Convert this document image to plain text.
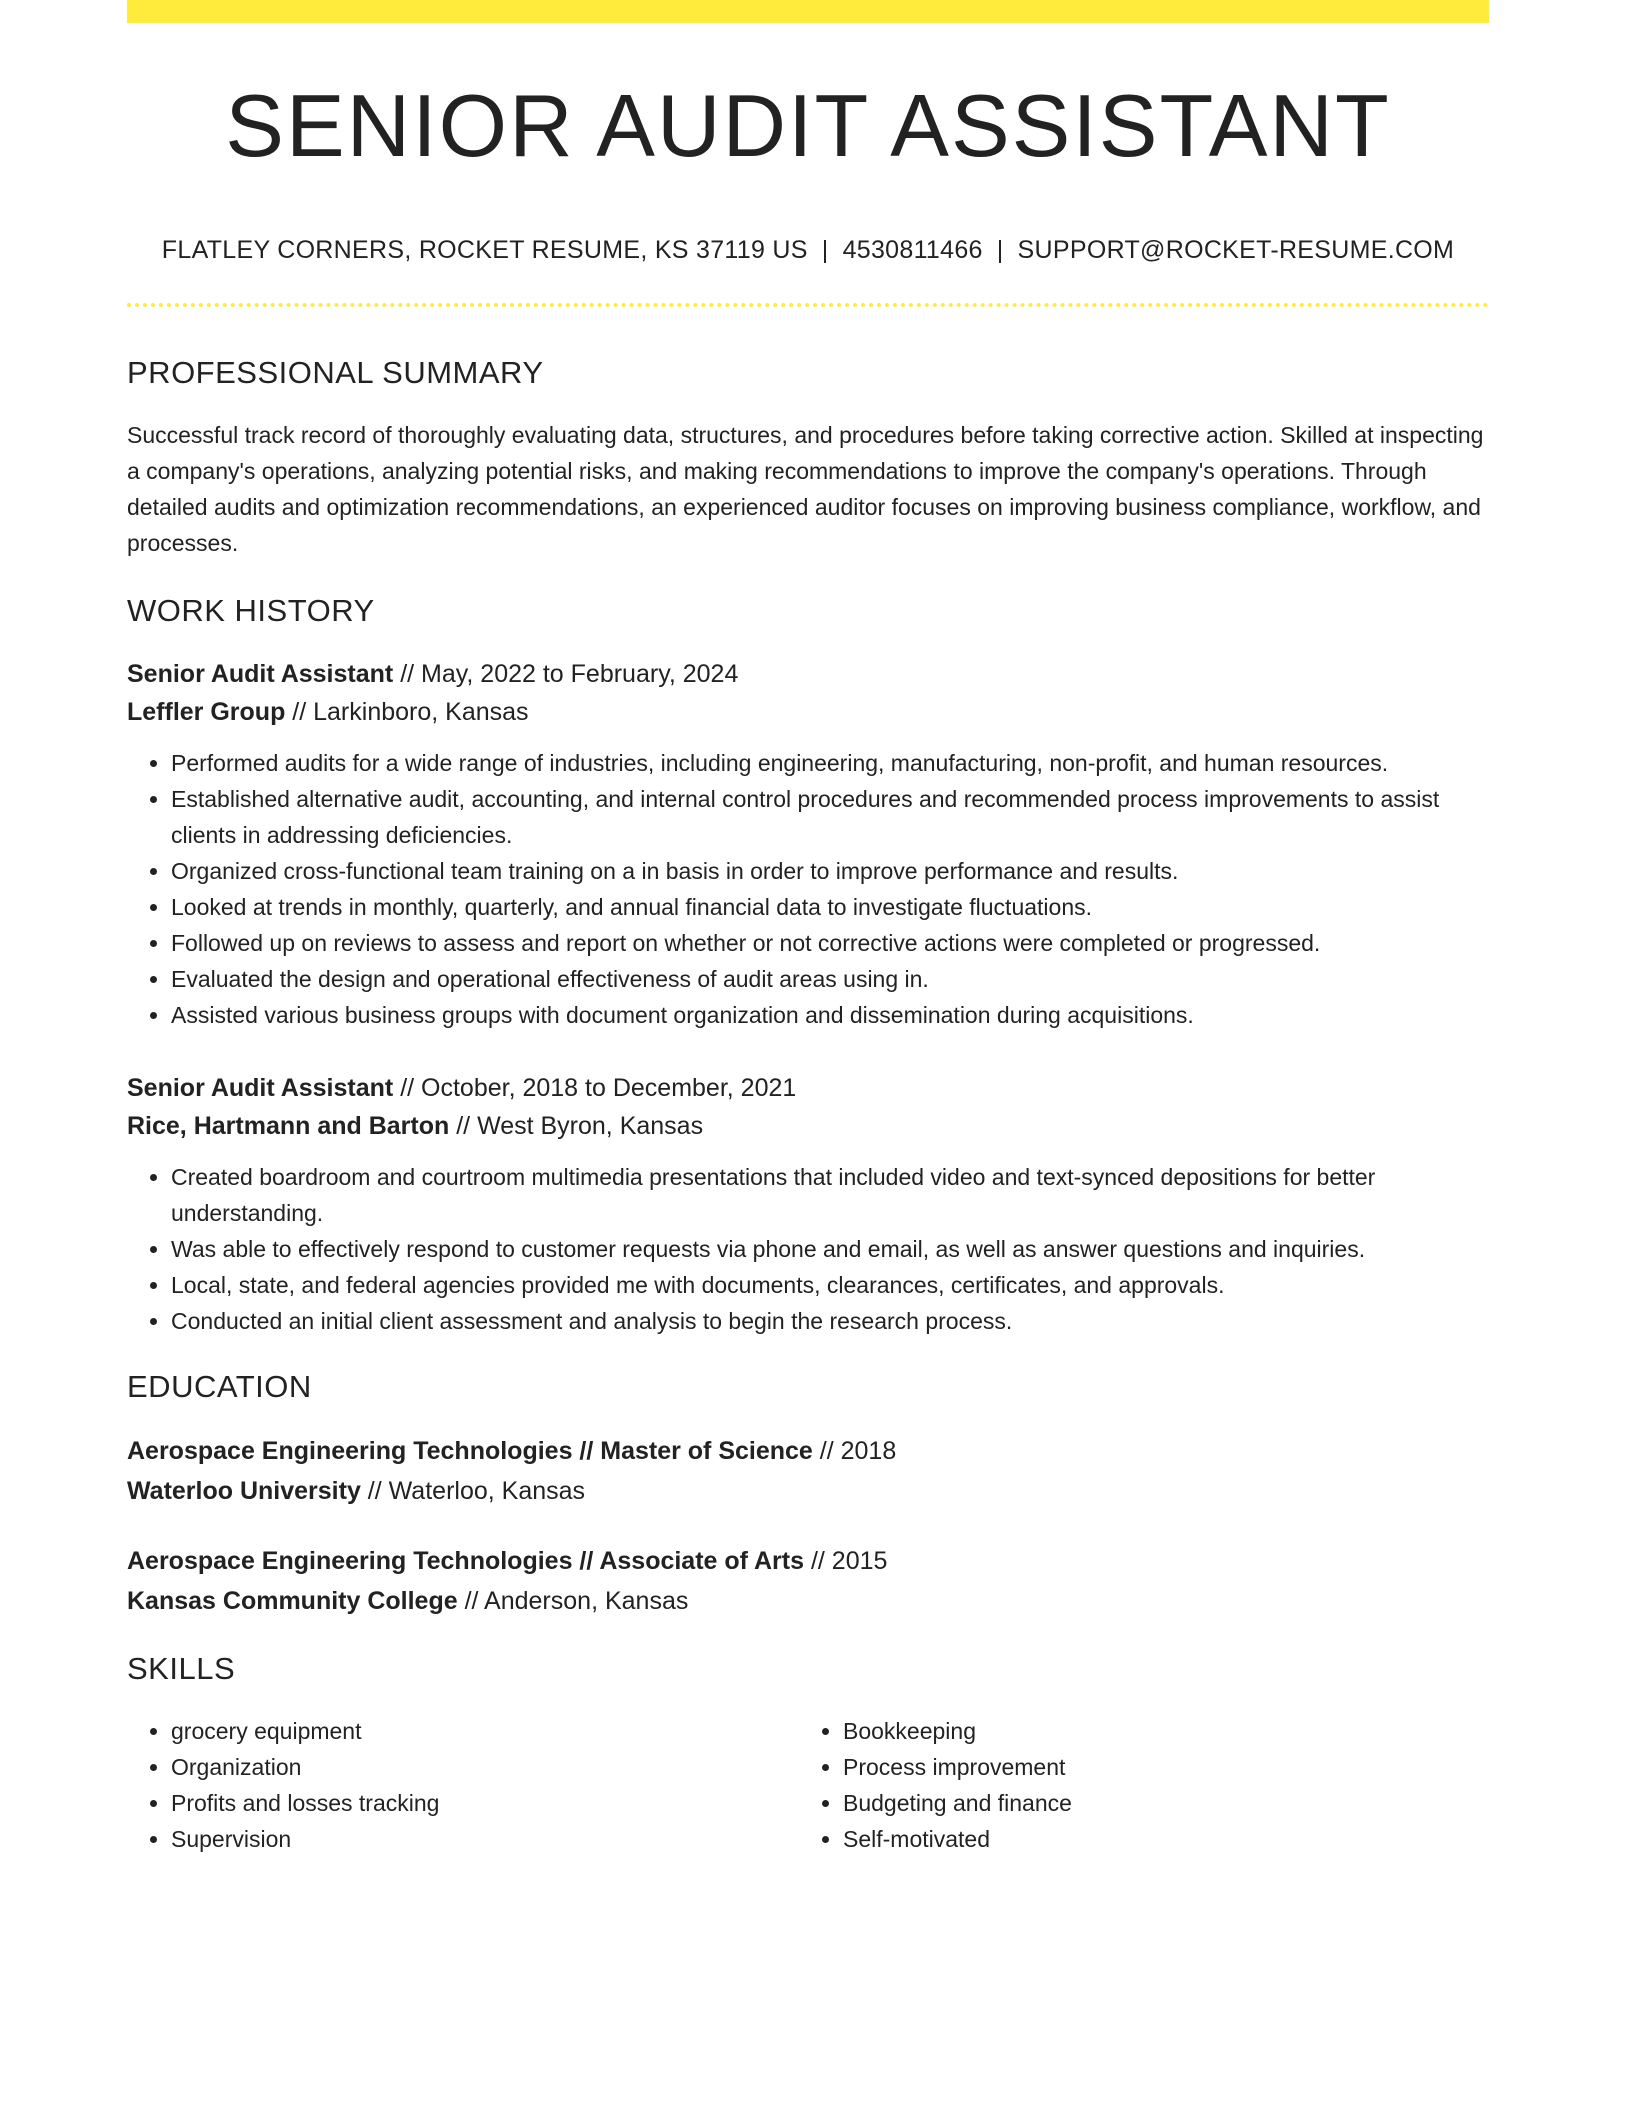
SENIOR AUDIT ASSISTANT
FLATLEY CORNERS, ROCKET RESUME, KS 37119 US | 4530811466 | SUPPORT@ROCKET-RESUME.COM
PROFESSIONAL SUMMARY

Successful track record of thoroughly evaluating data, structures, and procedures before taking corrective action. Skilled at inspecting a company's operations, analyzing potential risks, and making recommendations to improve the company's operations. Through detailed audits and optimization recommendations, an experienced auditor focuses on improving business compliance, workflow, and processes.

WORK HISTORY
Senior Audit Assistant // May, 2022 to February, 2024
Leffler Group // Larkinboro, Kansas
• Performed audits for a wide range of industries, including engineering, manufacturing, non-profit, and human resources.
• Established alternative audit, accounting, and internal control procedures and recommended process improvements to assist clients in addressing deficiencies.
• Organized cross-functional team training on a in basis in order to improve performance and results.
• Looked at trends in monthly, quarterly, and annual financial data to investigate fluctuations.
• Followed up on reviews to assess and report on whether or not corrective actions were completed or progressed.
• Evaluated the design and operational effectiveness of audit areas using in.
• Assisted various business groups with document organization and dissemination during acquisitions.
Senior Audit Assistant // October, 2018 to December, 2021
Rice, Hartmann and Barton // West Byron, Kansas
• Created boardroom and courtroom multimedia presentations that included video and text-synced depositions for better understanding.
• Was able to effectively respond to customer requests via phone and email, as well as answer questions and inquiries.
• Local, state, and federal agencies provided me with documents, clearances, certificates, and approvals.
• Conducted an initial client assessment and analysis to begin the research process.
EDUCATION
Aerospace Engineering Technologies // Master of Science // 2018
Waterloo University // Waterloo, Kansas
Aerospace Engineering Technologies // Associate of Arts // 2015
Kansas Community College // Anderson, Kansas
SKILLS
• grocery equipment
• Organization
• Profits and losses tracking
• Supervision
• Bookkeeping
• Process improvement
• Budgeting and finance
• Self-motivated
